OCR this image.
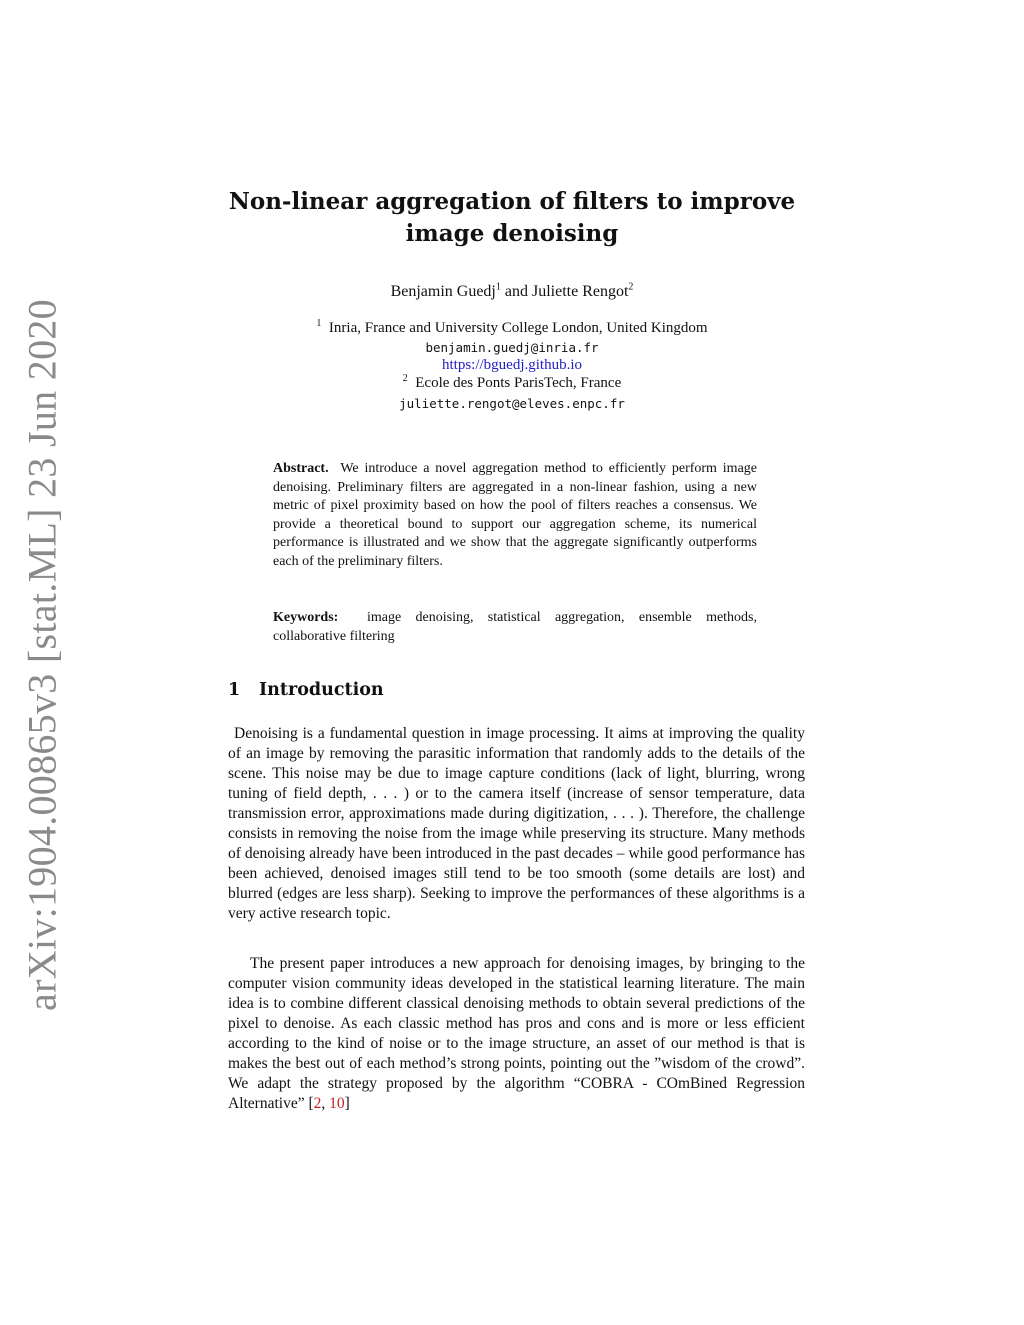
arXiv:1904.00865v3 [stat.ML] 23 Jun 2020
Non-linear aggregation of filters to improve
image denoising
Benjamin Guedj$^1$ and Juliette Rengot$^2$
$^1$ Inria, France and University College London, United Kingdom
benjamin.guedj@inria.fr
https://bguedj.github.io
$^2$ Ecole des Ponts ParisTech, France
juliette.rengot@eleves.enpc.fr
Abstract. We introduce a novel aggregation method to efficiently perform image denoising. Preliminary filters are aggregated in a non-linear fashion, using a new metric of pixel proximity based on how the pool of filters reaches a consensus. We provide a theoretical bound to support our aggregation scheme, its numerical performance is illustrated and we show that the aggregate significantly outperforms each of the preliminary filters.
Keywords: image denoising, statistical aggregation, ensemble methods, collaborative filtering
1 Introduction
Denoising is a fundamental question in image processing. It aims at improving the quality of an image by removing the parasitic information that randomly adds to the details of the scene. This noise may be due to image capture conditions (lack of light, blurring, wrong tuning of field depth, . . . ) or to the camera itself (increase of sensor temperature, data transmission error, approximations made during digitization, . . . ). Therefore, the challenge consists in removing the noise from the image while preserving its structure. Many methods of denoising already have been introduced in the past decades – while good performance has been achieved, denoised images still tend to be too smooth (some details are lost) and blurred (edges are less sharp). Seeking to improve the performances of these algorithms is a very active research topic.
The present paper introduces a new approach for denoising images, by bringing to the computer vision community ideas developed in the statistical learning literature. The main idea is to combine different classical denoising methods to obtain several predictions of the pixel to denoise. As each classic method has pros and cons and is more or less efficient according to the kind of noise or to the image structure, an asset of our method is that is makes the best out of each method’s strong points, pointing out the ”wisdom of the crowd”. We adapt the strategy proposed by the algorithm “COBRA - COmBined Regression Alternative” [2, 10]
